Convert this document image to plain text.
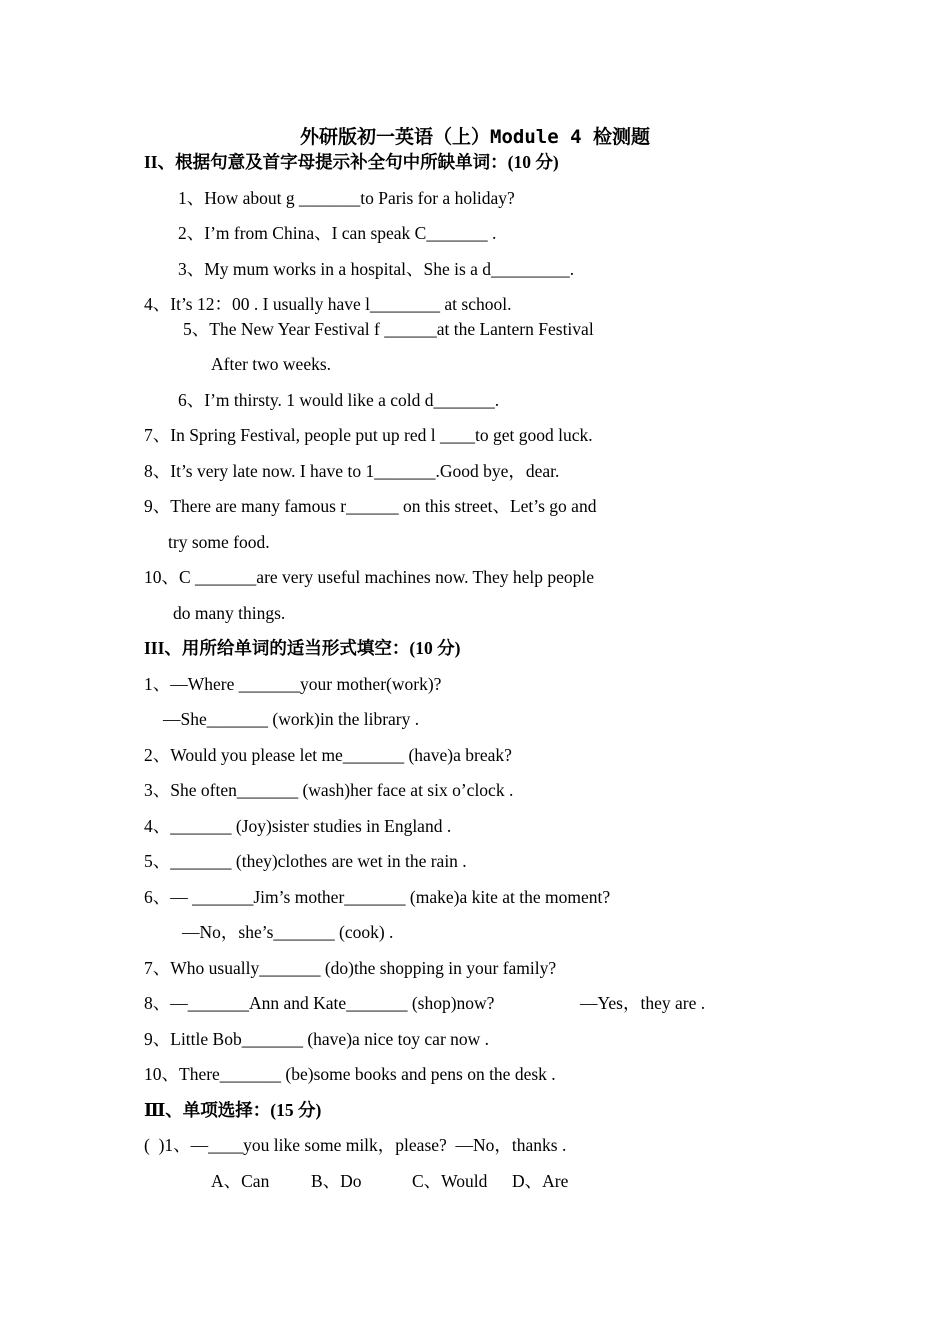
外研版初一英语（上）Module 4 检测题
II、根据句意及首字母提示补全句中所缺单词：(10 分)
1、How about g _______to Paris for a holiday?
2、I’m from China、I can speak C_______ .
3、My mum works in a hospital、She is a d_________.
4、It’s 12：00 . I usually have l________ at school.
5、The New Year Festival f ______at the Lantern Festival
After two weeks.
6、I’m thirsty. 1 would like a cold d_______.
7、In Spring Festival, people put up red l ____to get good luck.
8、It’s very late now. I have to 1_______.Good bye，dear.
9、There are many famous r______ on this street、Let’s go and
try some food.
10、C _______are very useful machines now. They help people
do many things.
III、用所给单词的适当形式填空：(10 分)
1、—Where _______your mother(work)?
—She_______ (work)in the library .
2、Would you please let me_______ (have)a break?
3、She often_______ (wash)her face at six o’clock .
4、_______ (Joy)sister studies in England .
5、_______ (they)clothes are wet in the rain .
6、— _______Jim’s mother_______ (make)a kite at the moment?
—No，she’s_______ (cook) .
7、Who usually_______ (do)the shopping in your family?
8、—_______Ann and Kate_______ (shop)now?	—Yes，they are .
9、Little Bob_______ (have)a nice toy car now .
10、There_______ (be)some books and pens on the desk .
Ⅲ、单项选择：(15 分)
(  )1、—____you like some milk，please?  —No，thanks .
A、Can B、Do	C、Would D、Are
